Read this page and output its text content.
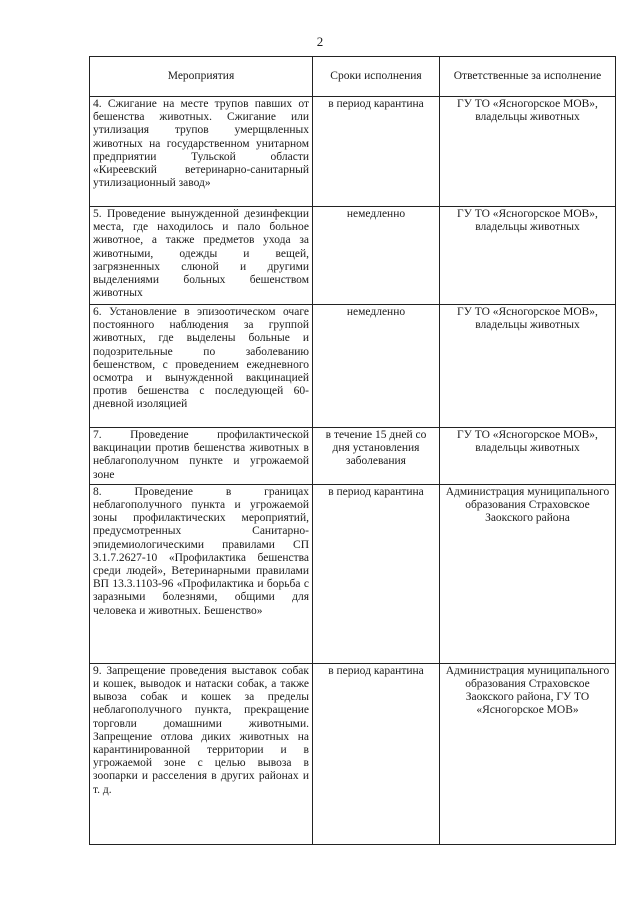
2
Мероприятия	Сроки исполнения	Ответственные за исполнение
4. Сжигание на месте трупов павших от бешенства животных. Сжигание или утилизация трупов умерщвленных животных на государственном унитарном предприятии Тульской области «Киреевский ветеринарно-санитарный утилизационный завод»	в период карантина	ГУ ТО «Ясногорское МОВ», владельцы животных
5. Проведение вынужденной дезинфекции места, где находилось и пало больное животное, а также предметов ухода за животными, одежды и вещей, загрязненных слюной и другими выделениями больных бешенством животных	немедленно	ГУ ТО «Ясногорское МОВ», владельцы животных
6. Установление в эпизоотическом очаге постоянного наблюдения за группой животных, где выделены больные и подозрительные по заболеванию бешенством, с проведением ежедневного осмотра и вынужденной вакцинацией против бешенства с последующей 60-дневной изоляцией	немедленно	ГУ ТО «Ясногорское МОВ», владельцы животных
7. Проведение профилактической вакцинации против бешенства животных в неблагополучном пункте и угрожаемой зоне	в течение 15 дней со дня установления заболевания	ГУ ТО «Ясногорское МОВ», владельцы животных
8. Проведение в границах неблагополучного пункта и угрожаемой зоны профилактических мероприятий, предусмотренных Санитарно-эпидемиологическими правилами СП 3.1.7.2627-10 «Профилактика бешенства среди людей», Ветеринарными правилами ВП 13.3.1103-96 «Профилактика и борьба с заразными болезнями, общими для человека и животных. Бешенство»	в период карантина	Администрация муниципального образования Страховское Заокского района
9. Запрещение проведения выставок собак и кошек, выводок и натаски собак, а также вывоза собак и кошек за пределы неблагополучного пункта, прекращение торговли домашними животными. Запрещение отлова диких животных на карантинированной территории и в угрожаемой зоне с целью вывоза в зоопарки и расселения в других районах и т. д.	в период карантина	Администрация муниципального образования Страховское Заокского района, ГУ ТО «Ясногорское МОВ»
